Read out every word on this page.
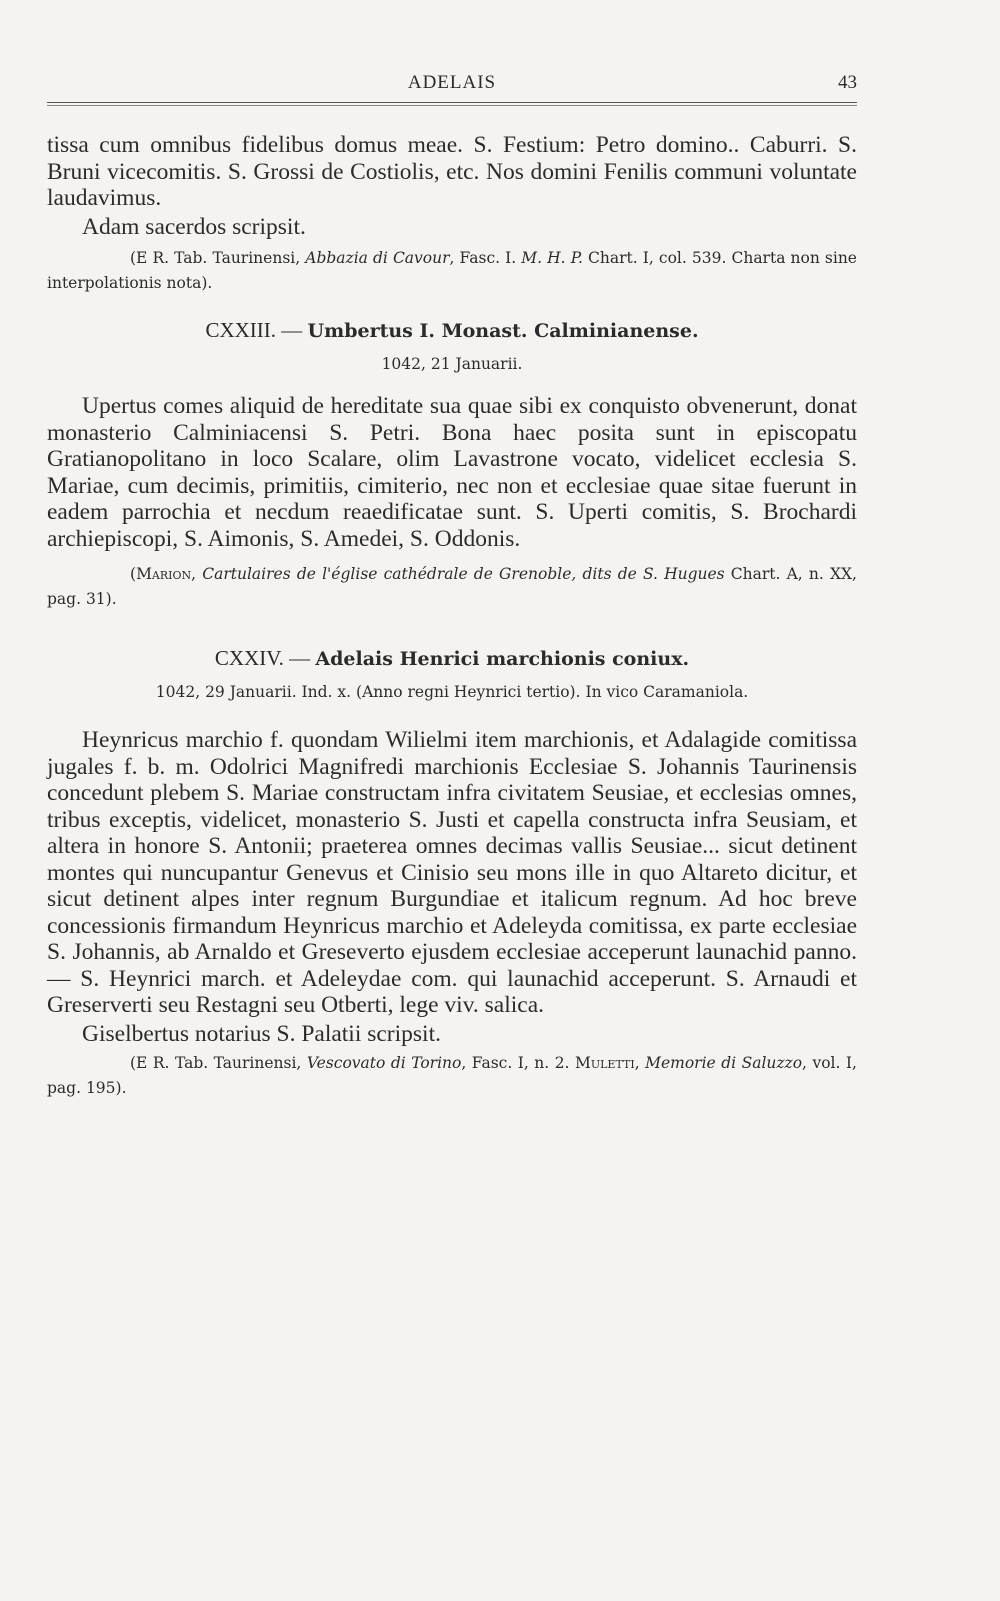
ADELAIS	43

tissa cum omnibus fidelibus domus meae. S. Festium: Petro domino.. Caburri. S. Bruni vicecomitis. S. Grossi de Costiolis, etc. Nos domini Fenilis communi voluntate laudavimus.

Adam sacerdos scripsit.

(E R. Tab. Taurinensi, Abbazia di Cavour, Fasc. I. M. H. P. Chart. I, col. 539. Charta non sine interpolationis nota).

CXXIII. — Umbertus I. Monast. Calminianense.

1042, 21 Januarii.

Upertus comes aliquid de hereditate sua quae sibi ex conquisto obvenerunt, donat monasterio Calminiacensi S. Petri. Bona haec posita sunt in episcopatu Gratianopolitano in loco Scalare, olim Lavastrone vocato, videlicet ecclesia S. Mariae, cum decimis, primitiis, cimiterio, nec non et ecclesiae quae sitae fuerunt in eadem parrochia et necdum reaedificatae sunt. S. Uperti comitis, S. Brochardi archiepiscopi, S. Aimonis, S. Amedei, S. Oddonis.

(Marion, Cartulaires de l'église cathédrale de Grenoble, dits de S. Hugues Chart. A, n. XX, pag. 31).

CXXIV. — Adelais Henrici marchionis coniux.

1042, 29 Januarii. Ind. x. (Anno regni Heynrici tertio). In vico Caramaniola.

Heynricus marchio f. quondam Wilielmi item marchionis, et Adalagide comitissa jugales f. b. m. Odolrici Magnifredi marchionis Ecclesiae S. Johannis Taurinensis concedunt plebem S. Mariae constructam infra civitatem Seusiae, et ecclesias omnes, tribus exceptis, videlicet, monasterio S. Justi et capella constructa infra Seusiam, et altera in honore S. Antonii; praeterea omnes decimas vallis Seusiae... sicut detinent montes qui nuncupantur Genevus et Cinisio seu mons ille in quo Altareto dicitur, et sicut detinent alpes inter regnum Burgundiae et italicum regnum. Ad hoc breve concessionis firmandum Heynricus marchio et Adeleyda comitissa, ex parte ecclesiae S. Johannis, ab Arnaldo et Greseverto ejusdem ecclesiae acceperunt launachid panno. — S. Heynrici march. et Adeleydae com. qui launachid acceperunt. S. Arnaudi et Greserverti seu Restagni seu Otberti, lege viv. salica.

Giselbertus notarius S. Palatii scripsit.

(E R. Tab. Taurinensi, Vescovato di Torino, Fasc. I, n. 2. Muletti, Memorie di Saluzzo, vol. I, pag. 195).
